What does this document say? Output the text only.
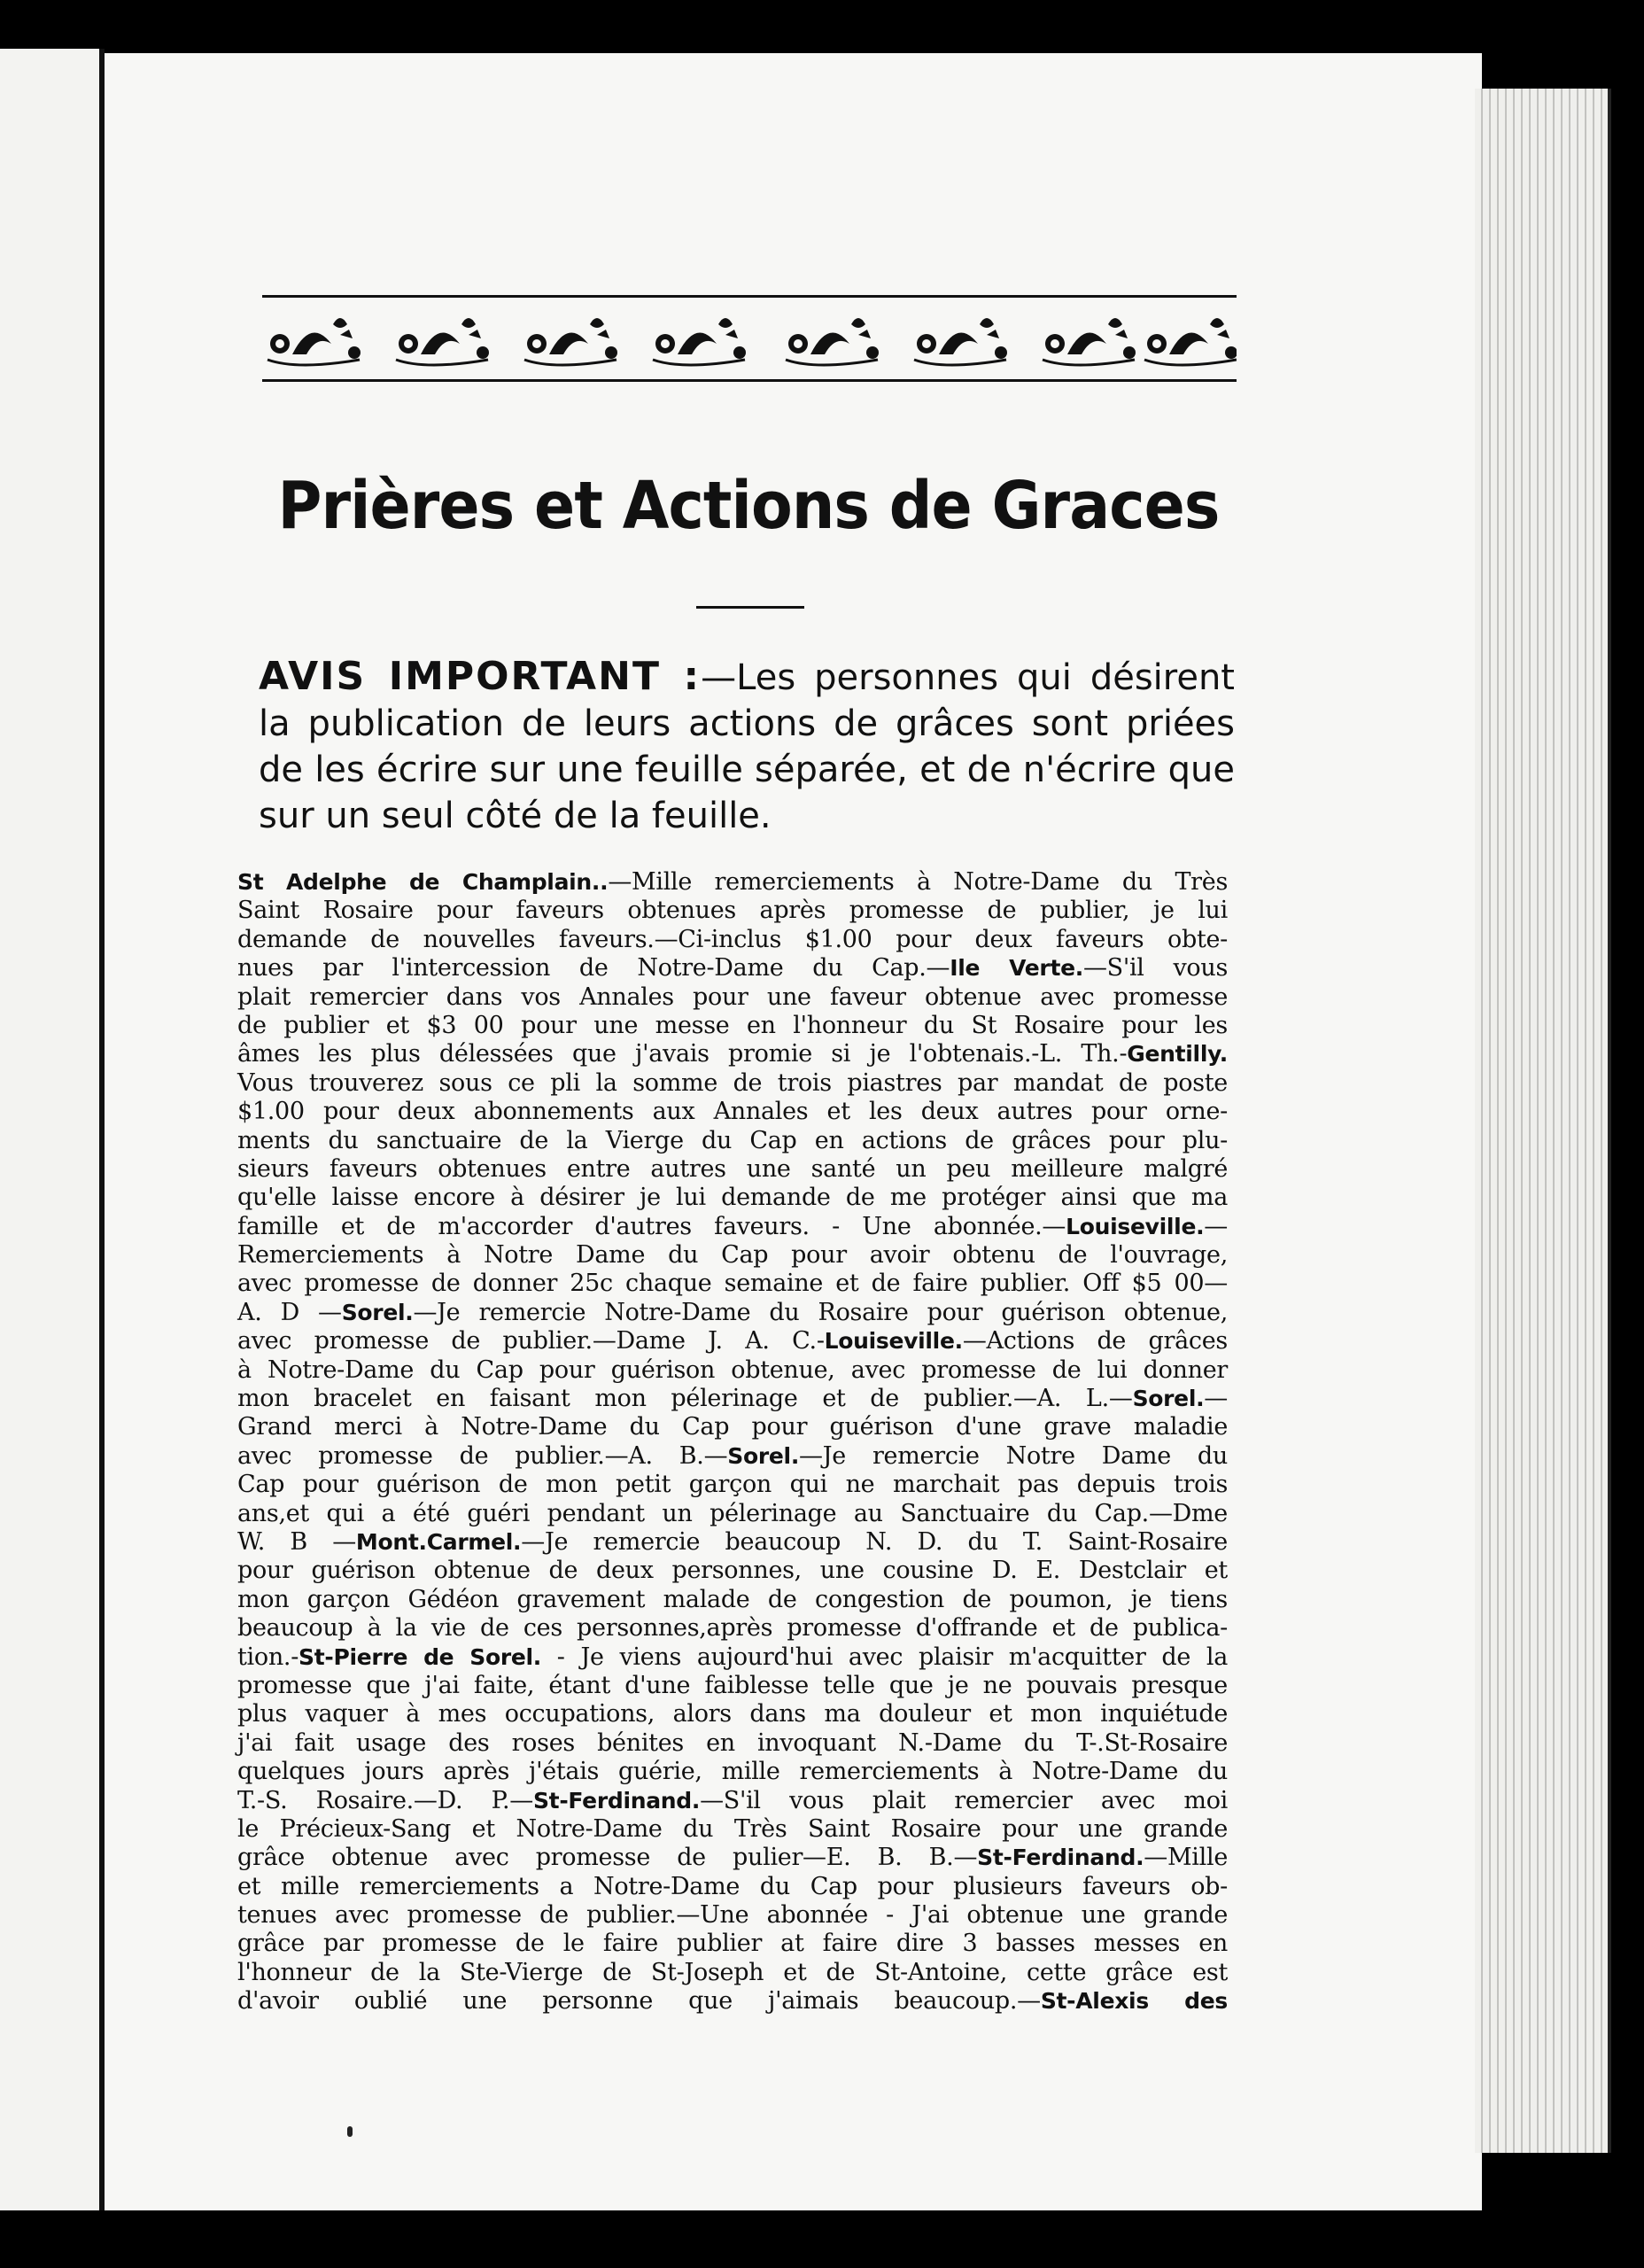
Prières et Actions de Graces

AVIS IMPORTANT :—Les personnes qui désirent la publication de leurs actions de grâces sont priées de les écrire sur une feuille séparée, et de n'écrire que sur un seul côté de la feuille.

St Adelphe de Champlain..—Mille remerciements à Notre-Dame du Très
Saint Rosaire pour faveurs obtenues après promesse de publier, je lui
demande de nouvelles faveurs.—Ci-inclus $1.00 pour deux faveurs obte-
nues par l'intercession de Notre-Dame du Cap.—Ile Verte.—S'il vous
plait remercier dans vos Annales pour une faveur obtenue avec promesse
de publier et $3 00 pour une messe en l'honneur du St Rosaire pour les
âmes les plus délessées que j'avais promie si je l'obtenais.-L. Th.-Gentilly.
Vous trouverez sous ce pli la somme de trois piastres par mandat de poste
$1.00 pour deux abonnements aux Annales et les deux autres pour orne-
ments du sanctuaire de la Vierge du Cap en actions de grâces pour plu-
sieurs faveurs obtenues entre autres une santé un peu meilleure malgré
qu'elle laisse encore à désirer je lui demande de me protéger ainsi que ma
famille et de m'accorder d'autres faveurs. - Une abonnée.—Louiseville.—
Remerciements à Notre Dame du Cap pour avoir obtenu de l'ouvrage,
avec promesse de donner 25c chaque semaine et de faire publier. Off $5 00—
A. D —Sorel.—Je remercie Notre-Dame du Rosaire pour guérison obtenue,
avec promesse de publier.—Dame J. A. C.-Louiseville.—Actions de grâces
à Notre-Dame du Cap pour guérison obtenue, avec promesse de lui donner
mon bracelet en faisant mon pélerinage et de publier.—A. L.—Sorel.—
Grand merci à Notre-Dame du Cap pour guérison d'une grave maladie
avec promesse de publier.—A. B.—Sorel.—Je remercie Notre Dame du
Cap pour guérison de mon petit garçon qui ne marchait pas depuis trois
ans,et qui a été guéri pendant un pélerinage au Sanctuaire du Cap.—Dme
W. B —Mont.Carmel.—Je remercie beaucoup N. D. du T. Saint-Rosaire
pour guérison obtenue de deux personnes, une cousine D. E. Destclair et
mon garçon Gédéon gravement malade de congestion de poumon, je tiens
beaucoup à la vie de ces personnes,après promesse d'offrande et de publica-
tion.-St-Pierre de Sorel. - Je viens aujourd'hui avec plaisir m'acquitter de la
promesse que j'ai faite, étant d'une faiblesse telle que je ne pouvais presque
plus vaquer à mes occupations, alors dans ma douleur et mon inquiétude
j'ai fait usage des roses bénites en invoquant N.-Dame du T-.St-Rosaire
quelques jours après j'étais guérie, mille remerciements à Notre-Dame du
T.-S. Rosaire.—D. P.—St-Ferdinand.—S'il vous plait remercier avec moi
le Précieux-Sang et Notre-Dame du Très Saint Rosaire pour une grande
grâce obtenue avec promesse de pulier—E. B. B.—St-Ferdinand.—Mille
et mille remerciements a Notre-Dame du Cap pour plusieurs faveurs ob-
tenues avec promesse de publier.—Une abonnée - J'ai obtenue une grande
grâce par promesse de le faire publier at faire dire 3 basses messes en
l'honneur de la Ste-Vierge de St-Joseph et de St-Antoine, cette grâce est
d'avoir oublié une personne que j'aimais beaucoup.—St-Alexis des
